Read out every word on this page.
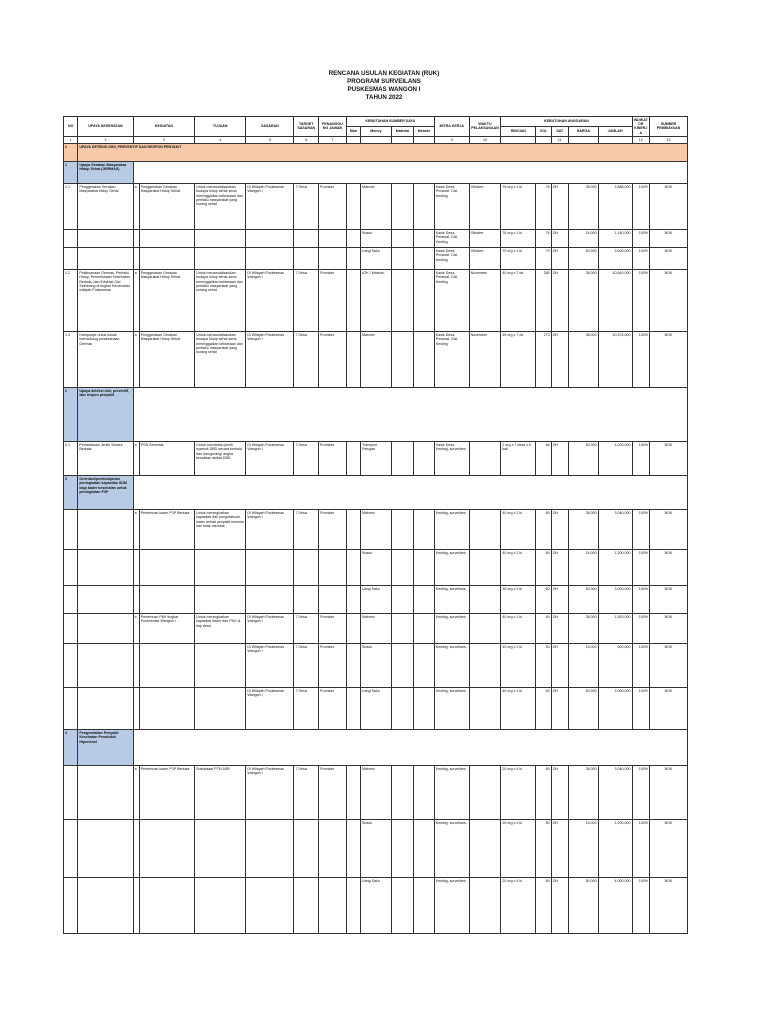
RENCANA USULAN KEGIATAN (RUK)
PROGRAM SURVEILANS
PUSKESMAS WANGON I
TAHUN 2022
NO	UPAYA KESEHATAN	KEGIATAN		TUJUAN	SASARAN	TARGET SASARAN	PENANGGU NG JAWAB	KEBUTUHAN SUMBER DAYA				MITRA KERJA	WAKTU PELAKSANAAN	KEBUTUHAN ANGGARAN					INDIKATOR KINERJA	SUMBER PEMBIAYAAN
								Man	Money	Material	Metode			RINCIAN	VOL	SAT	HARGA	JUMLAH		
1	2	3		4	5	6	7					9	10			11			12	13
1	UPAYA DETEKSI DINI, PREVENTIF DAN RESPON PENYAKIT																			
1	Upaya Gerakan Masyarakat Hidup Sehat (GERMAS)																			
1.1	Penggerakan Gerakan Masyarakat Hidup Sehat	a	Penggerakan Gerakan Masyarakat Hidup Sehat	Untuk mensosialisasikan budaya hidup sehat serta meninggalkan kebiasaan dan perilaku masyarakat yang kurang sehat	Di Wilayah Puskesmas Wangon I	7 Desa	Promkes		Makmin			Kasie Desa, Perawat, Gizi, Kesling	Oktober	76 org x 1 kl	76	OH	38,000	2,888,000	100%	BOK
									Snack			Kasie Desa, Perawat, Gizi, Kesling	Oktober	76 org x 1 kl	76	OH	15,000	1,140,000	100%	BOK
									Uang Saku			Kasie Desa, Perawat, Gizi, Kesling	Oktober	70 org x 1 kl	70	OH	50,000	3,500,000	100%	BOK
1.2	Pelaksanaan Germas, Perilaku Hidup, Pemeriksaan Kesehatan Berkala, dan Edukasi Gizi Seimbang di tingkat Kecamatan wilayah Puskesmas	a	Penggerakan Gerakan Masyarakat Hidup Sehat	Untuk mensosialisasikan budaya hidup sehat serta meninggalkan kebiasaan dan perilaku masyarakat yang kurang sehat	Di Wilayah Puskesmas Wangon I	7 Desa	Promkes		ATK / Makmin			Kasie Desa, Perawat, Gizi, Kesling	November	40 org x 7 ds	280	OH	38,000	10,640,000	100%	BOK
1.3	Kampanye untuk sosial mendukung pelaksanaan Germas	a	Penggerakan Gerakan Masyarakat Hidup Sehat	Untuk mensosialisasikan budaya hidup sehat serta meninggalkan kebiasaan dan perilaku masyarakat yang kurang sehat	Di Wilayah Puskesmas Wangon I	7 Desa	Promkes		Makmin			Kasie Desa, Perawat, Gizi, Kesling	November	39 org x 7 ds	273	OH	38,000	10,374,000	100%	BOK
2	Upaya deteksi dini, preventif, dan respon penyakit																			
2.1	Pemantauan Jentik Secara Berkala	a	PSN Serentak	Untuk memantau jentik nyamuk DBD secara berkala dan mengurangi angka kesakitan akibat DBD	Di Wilayah Puskesmas Wangon I	7 Desa	Promkes		Transport Petugas			Kasie Desa, Kesling, surveilans		2 org x 7 desa x 6 kali	84	OH	50,000	4,200,000	100%	BOK
3	Orientasi/pembelajaran/ peningkatan kapasitas SDM bagi kader kesehatan untuk peningkatan P3P																			
		a	Pertemuan kader P3P Berkala	Untuk meningkatkan kapasitas dan pengetahuan kader terkait penyakit menular dan tidak menular	Di Wilayah Puskesmas Wangon I	7 Desa	Promkes		Makmin			Kesling, surveilans		40 org x 2 kl	80	OH	38,000	3,040,000	100%	BOK
									Snack			Kesling, surveilans		40 org x 2 kl	80	OH	15,000	1,200,000	100%	BOK
									Uang Saku			Kesling, surveilans		30 org x 2 kl	60	OH	50,000	3,000,000	100%	BOK
		b	Pertemuan PKK tingkat Puskesmas Wangon I	Untuk meningkatkan kapasitas kader dan PKK di tiap desa	Di Wilayah Puskesmas Wangon I	7 Desa	Promkes		Makmin			Kesling, surveilans		40 org x 1 kl	40	OH	38,000	1,520,000	100%	BOK
					Di Wilayah Puskesmas Wangon I	7 Desa	Promkes		Snack			Kesling, surveilans		40 org x 1 kl	40	OH	15,000	600,000	100%	BOK
					Di Wilayah Puskesmas Wangon I	7 Desa	Promkes		Uang Saku			Kesling, surveilans		40 org x 1 kl	40	OH	50,000	2,000,000	100%	BOK
4	Pengendalian Penyakit Kesehatan Penduduk Hipertensi																			
		a	Pertemuan kader P3P Berkala	Sosialisasi PTM ASB	Di Wilayah Puskesmas Wangon I	7 Desa	Promkes		Makmin			Kesling, surveilans		20 org x 4 kl	80	OH	38,000	3,040,000	100%	BOK
									Snack			Kesling, surveilans		20 org x 4 kl	80	OH	15,000	1,200,000	100%	BOK
									Uang Saku			Kesling, surveilans		20 org x 4 kl	80	OH	50,000	4,000,000	100%	BOK
